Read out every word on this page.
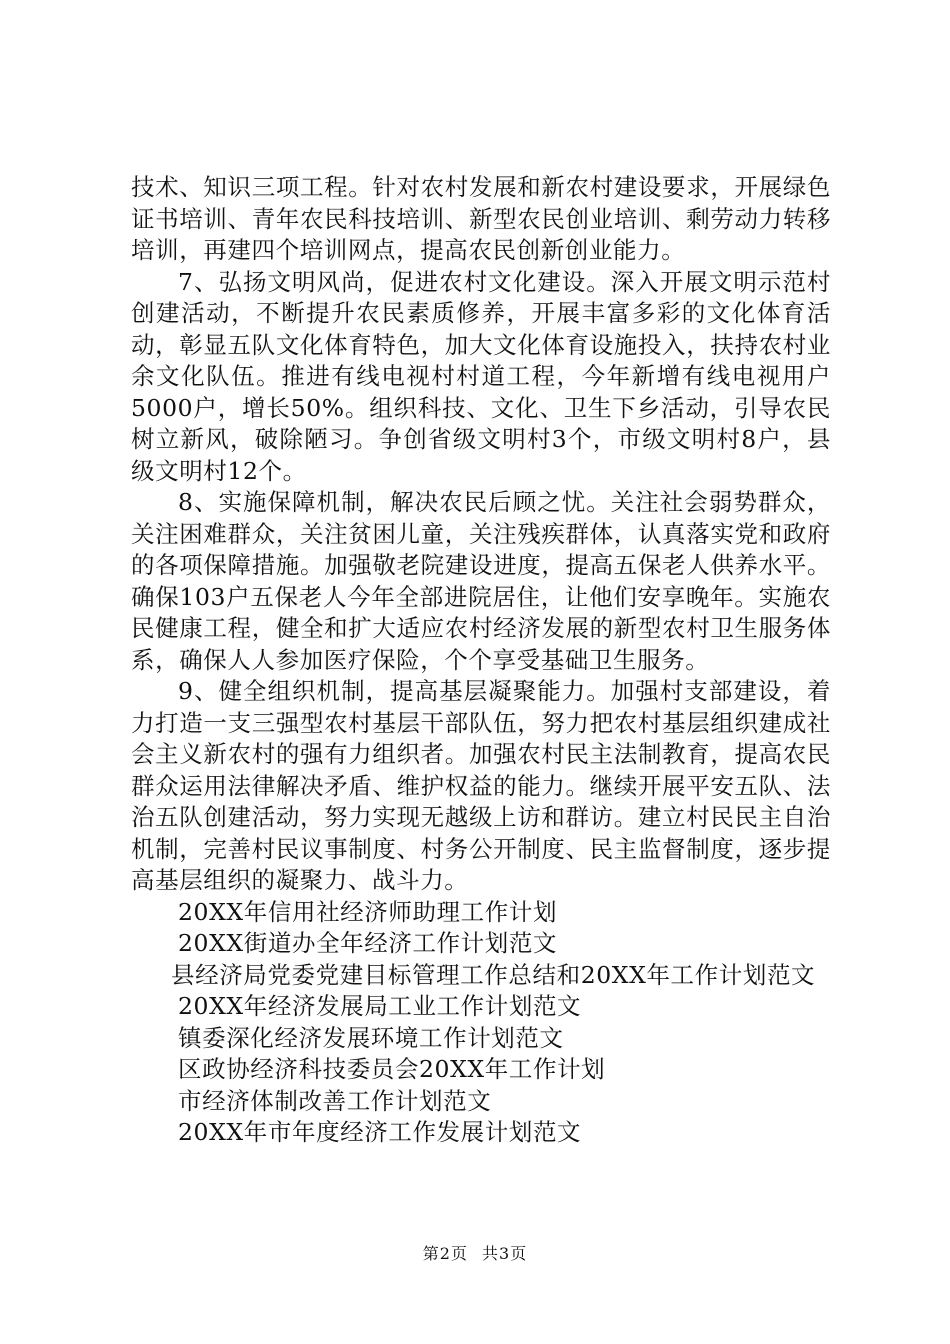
技术、知识三项工程。针对农村发展和新农村建设要求，开展绿色证书培训、青年农民科技培训、新型农民创业培训、剩劳动力转移培训，再建四个培训网点，提高农民创新创业能力。

7、弘扬文明风尚，促进农村文化建设。深入开展文明示范村创建活动，不断提升农民素质修养，开展丰富多彩的文化体育活动，彰显五队文化体育特色，加大文化体育设施投入，扶持农村业余文化队伍。推进有线电视村村道工程，今年新增有线电视用户5000户，增长50%。组织科技、文化、卫生下乡活动，引导农民树立新风，破除陋习。争创省级文明村3个，市级文明村8户，县级文明村12个。

8、实施保障机制，解决农民后顾之忧。关注社会弱势群众，关注困难群众，关注贫困儿童，关注残疾群体，认真落实党和政府的各项保障措施。加强敬老院建设进度，提高五保老人供养水平。确保103户五保老人今年全部进院居住，让他们安享晚年。实施农民健康工程，健全和扩大适应农村经济发展的新型农村卫生服务体系，确保人人参加医疗保险，个个享受基础卫生服务。

9、健全组织机制，提高基层凝聚能力。加强村支部建设，着力打造一支三强型农村基层干部队伍，努力把农村基层组织建成社会主义新农村的强有力组织者。加强农村民主法制教育，提高农民群众运用法律解决矛盾、维护权益的能力。继续开展平安五队、法治五队创建活动，努力实现无越级上访和群访。建立村民民主自治机制，完善村民议事制度、村务公开制度、民主监督制度，逐步提高基层组织的凝聚力、战斗力。

20XX年信用社经济师助理工作计划
20XX街道办全年经济工作计划范文
县经济局党委党建目标管理工作总结和20XX年工作计划范文
20XX年经济发展局工业工作计划范文
镇委深化经济发展环境工作计划范文
区政协经济科技委员会20XX年工作计划
市经济体制改善工作计划范文
20XX年市年度经济工作发展计划范文
第2页 共3页
